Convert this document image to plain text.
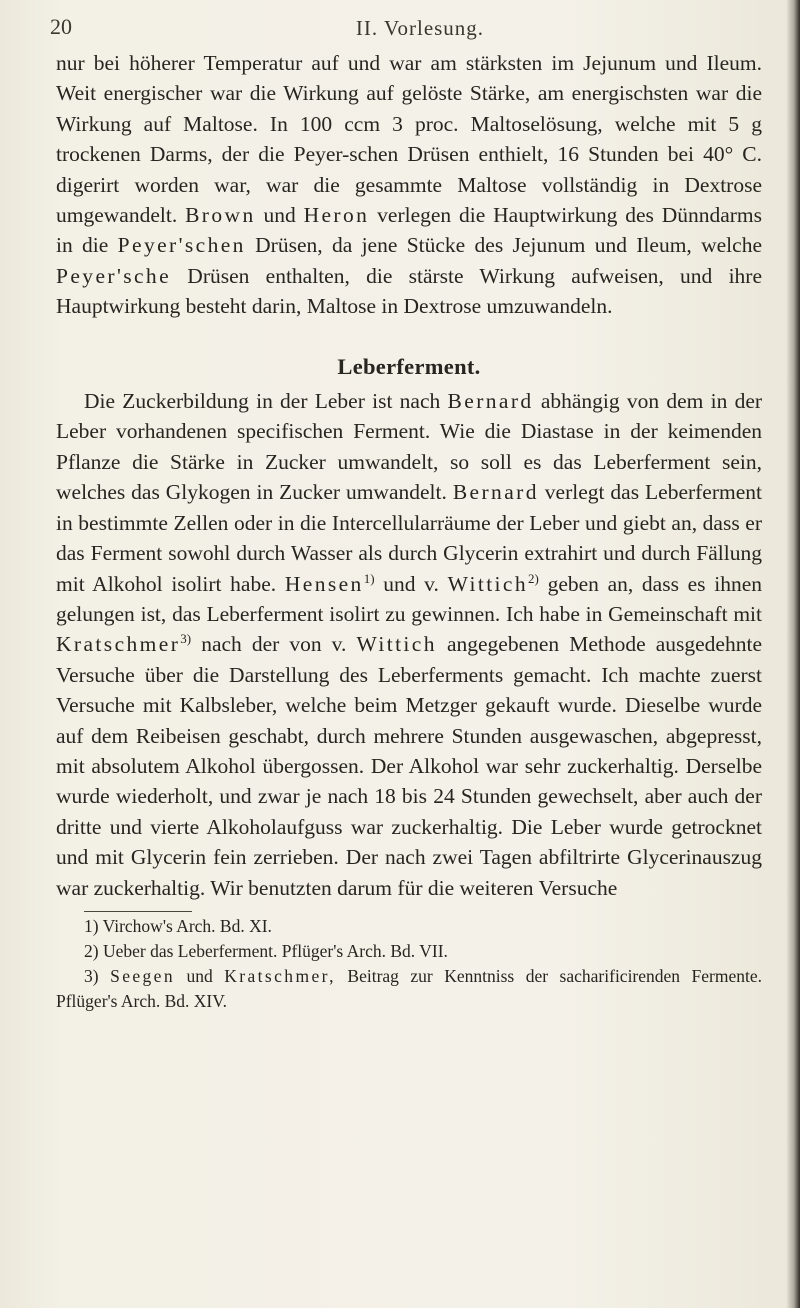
20	II. Vorlesung.

nur bei höherer Temperatur auf und war am stärksten im Jejunum und Ileum. Weit energischer war die Wirkung auf gelöste Stärke, am energischsten war die Wirkung auf Maltose. In 100 ccm 3 proc. Maltoselösung, welche mit 5 g trockenen Darms, der die Peyer-schen Drüsen enthielt, 16 Stunden bei 40° C. digerirt worden war, war die gesammte Maltose vollständig in Dextrose umgewandelt. Brown und Heron verlegen die Hauptwirkung des Dünndarms in die Peyer'schen Drüsen, da jene Stücke des Jejunum und Ileum, welche Peyer'sche Drüsen enthalten, die stärste Wirkung aufweisen, und ihre Hauptwirkung besteht darin, Maltose in Dextrose umzuwandeln.

Leberferment.

Die Zuckerbildung in der Leber ist nach Bernard abhängig von dem in der Leber vorhandenen specifischen Ferment. Wie die Diastase in der keimenden Pflanze die Stärke in Zucker umwandelt, so soll es das Leberferment sein, welches das Glykogen in Zucker umwandelt. Bernard verlegt das Leberferment in bestimmte Zellen oder in die Intercellularräume der Leber und giebt an, dass er das Ferment sowohl durch Wasser als durch Glycerin extrahirt und durch Fällung mit Alkohol isolirt habe. Hensen$^{1)}$ und v. Wittich$^{2)}$ geben an, dass es ihnen gelungen ist, das Leberferment isolirt zu gewinnen. Ich habe in Gemeinschaft mit Kratschmer$^{3)}$ nach der von v. Wittich angegebenen Methode ausgedehnte Versuche über die Darstellung des Leberferments gemacht. Ich machte zuerst Versuche mit Kalbsleber, welche beim Metzger gekauft wurde. Dieselbe wurde auf dem Reibeisen geschabt, durch mehrere Stunden ausgewaschen, abgepresst, mit absolutem Alkohol übergossen. Der Alkohol war sehr zuckerhaltig. Derselbe wurde wiederholt, und zwar je nach 18 bis 24 Stunden gewechselt, aber auch der dritte und vierte Alkoholaufguss war zuckerhaltig. Die Leber wurde getrocknet und mit Glycerin fein zerrieben. Der nach zwei Tagen abfiltrirte Glycerinauszug war zuckerhaltig. Wir benutzten darum für die weiteren Versuche

1) Virchow's Arch. Bd. XI.

2) Ueber das Leberferment. Pflüger's Arch. Bd. VII.

3) Seegen und Kratschmer, Beitrag zur Kenntniss der sacharificirenden Fermente. Pflüger's Arch. Bd. XIV.
